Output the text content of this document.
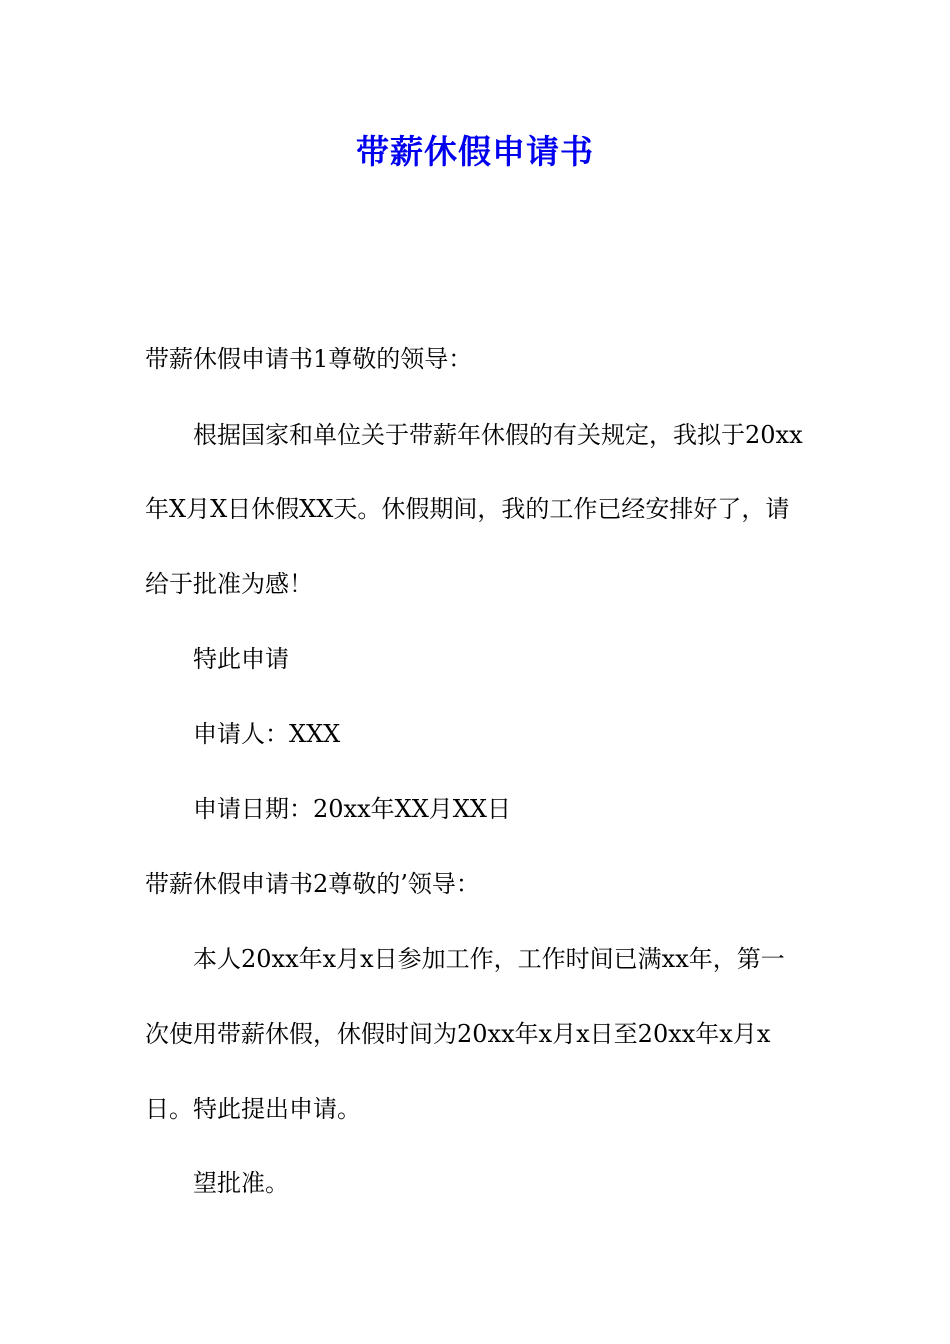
带薪休假申请书
带薪休假申请书1尊敬的领导：
根据国家和单位关于带薪年休假的有关规定，我拟于20xx
年X月X日休假XX天。休假期间，我的工作已经安排好了，请
给于批准为感！
特此申请
申请人：XXX
申请日期：20xx年XX月XX日
带薪休假申请书2尊敬的’领导：
本人20xx年x月x日参加工作，工作时间已满xx年，第一
次使用带薪休假，休假时间为20xx年x月x日至20xx年x月x
日。特此提出申请。
望批准。
